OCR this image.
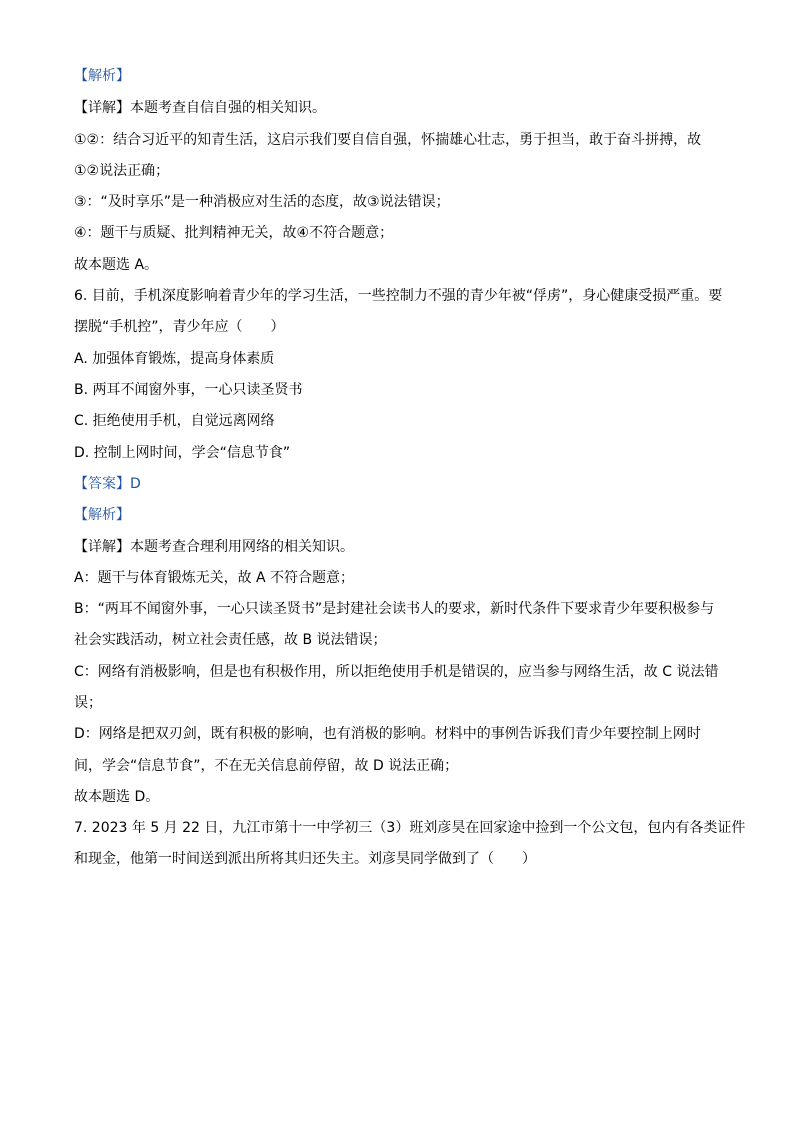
【解析】
【详解】本题考查自信自强的相关知识。
①②：结合习近平的知青生活，这启示我们要自信自强，怀揣雄心壮志，勇于担当，敢于奋斗拼搏，故
①②说法正确；
③：“及时享乐”是一种消极应对生活的态度，故③说法错误；
④：题干与质疑、批判精神无关，故④不符合题意；
故本题选 A。
6. 目前，手机深度影响着青少年的学习生活，一些控制力不强的青少年被“俘虏”，身心健康受损严重。要
摆脱“手机控”，青少年应（　　）
A. 加强体育锻炼，提高身体素质
B. 两耳不闻窗外事，一心只读圣贤书
C. 拒绝使用手机，自觉远离网络
D. 控制上网时间，学会“信息节食”
【答案】D
【解析】
【详解】本题考查合理利用网络的相关知识。
A：题干与体育锻炼无关，故 A 不符合题意；
B：“两耳不闻窗外事，一心只读圣贤书”是封建社会读书人的要求，新时代条件下要求青少年要积极参与
社会实践活动，树立社会责任感，故 B 说法错误；
C：网络有消极影响，但是也有积极作用，所以拒绝使用手机是错误的，应当参与网络生活，故 C 说法错
误；
D：网络是把双刃剑，既有积极的影响，也有消极的影响。材料中的事例告诉我们青少年要控制上网时
间，学会“信息节食”，不在无关信息前停留，故 D 说法正确；
故本题选 D。
7. 2023 年 5 月 22 日，九江市第十一中学初三（3）班刘彦昊在回家途中捡到一个公文包，包内有各类证件
和现金，他第一时间送到派出所将其归还失主。刘彦昊同学做到了（　　）
